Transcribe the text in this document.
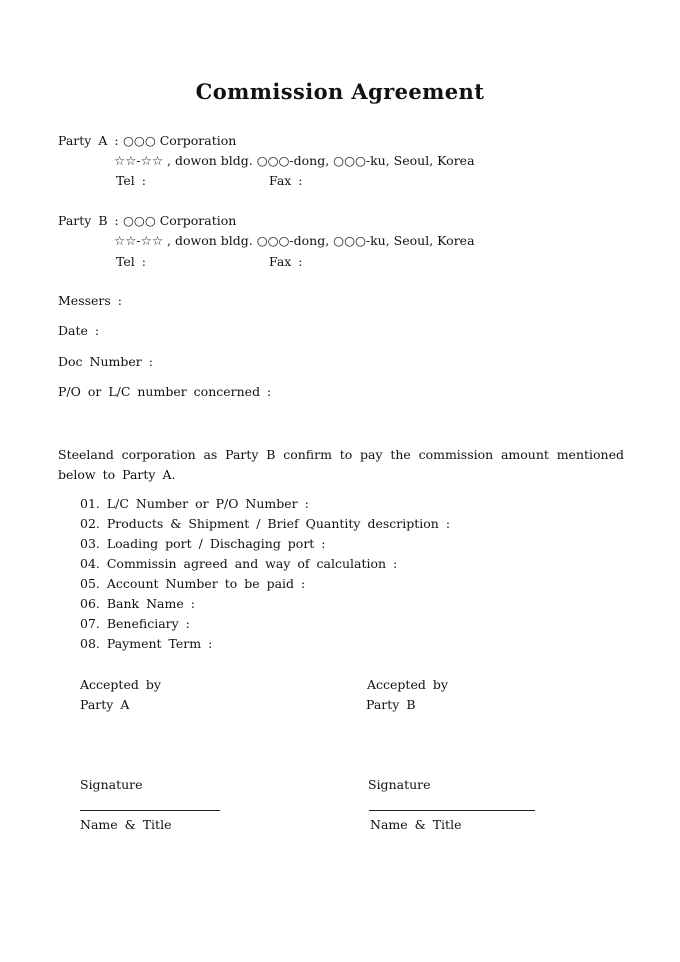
Commission Agreement
Party A : ○○○ Corporation
☆☆-☆☆ , dowon bldg. ○○○-dong, ○○○-ku, Seoul, Korea
Tel :	Fax :
Party B : ○○○ Corporation
☆☆-☆☆ , dowon bldg. ○○○-dong, ○○○-ku, Seoul, Korea
Tel :	Fax :
Messers :
Date :
Doc Number :
P/O or L/C number concerned :
Steeland corporation as Party B confirm to pay the commission amount mentioned below to Party A.
01. L/C Number or P/O Number :
02. Products & Shipment / Brief Quantity description :
03. Loading port / Dischaging port :
04. Commissin agreed and way of calculation :
05. Account Number to be paid :
06. Bank Name :
07. Beneficiary :
08. Payment Term :
Accepted by
Party A
Signature
Name & Title
Accepted by
Party B
Signature
Name & Title
